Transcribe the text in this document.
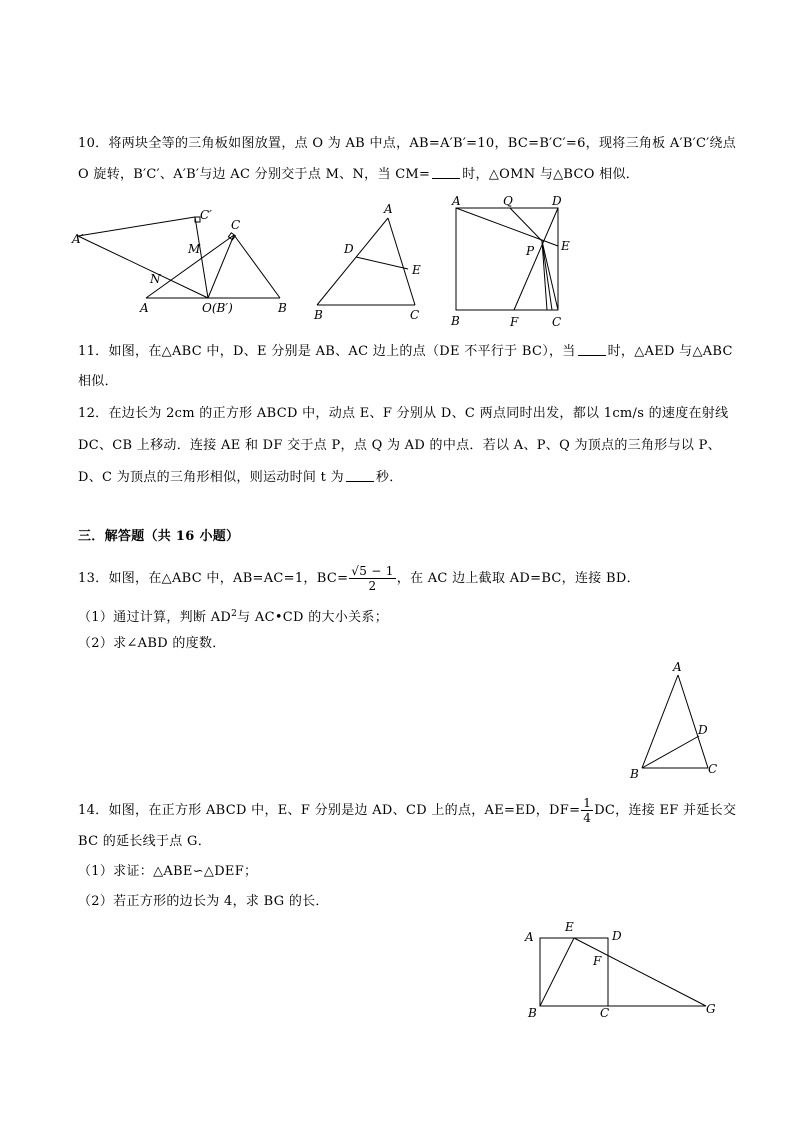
10．将两块全等的三角板如图放置，点 O 为 AB 中点，AB=A′B′=10，BC=B′C′=6，现将三角板 A′B′C′绕点
O 旋转，B′C′、A′B′与边 AC 分别交于点 M、N，当 CM= 时，△OMN 与△BCO 相似．
A′
C′
C
M
N
A	O(B′)	B
A
D
E
B	C
A	Q	D
E
P
B	F	C
11．如图，在△ABC 中，D、E 分别是 AB、AC 边上的点（DE 不平行于 BC），当 时，△AED 与△ABC
相似．
12．在边长为 2cm 的正方形 ABCD 中，动点 E、F 分别从 D、C 两点同时出发，都以 1cm/s 的速度在射线
DC、CB 上移动．连接 AE 和 DF 交于点 P，点 Q 为 AD 的中点．若以 A、P、Q 为顶点的三角形与以 P、
D、C 为顶点的三角形相似，则运动时间 t 为 秒．
三．解答题（共 16 小题）
13．如图，在△ABC 中，AB=AC=1，$BC= \frac{√5 - 1}{2}$ ，在 AC 边上截取 AD=BC，连接 BD．
（1）通过计算，判断 $AD^2$与 AC•CD 的大小关系；
（2）求∠ABD 的度数．
A
D
B	C
14．如图，在正方形 ABCD 中，E、F 分别是边 AD、CD 上的点，AE=ED，$DF= \frac{1}{4}$ DC，连接 EF 并延长交
BC 的延长线于点 G．
（1）求证：△ABE∽△DEF；
（2）若正方形的边长为 4，求 BG 的长．
A
E
D
F
B	C	G
